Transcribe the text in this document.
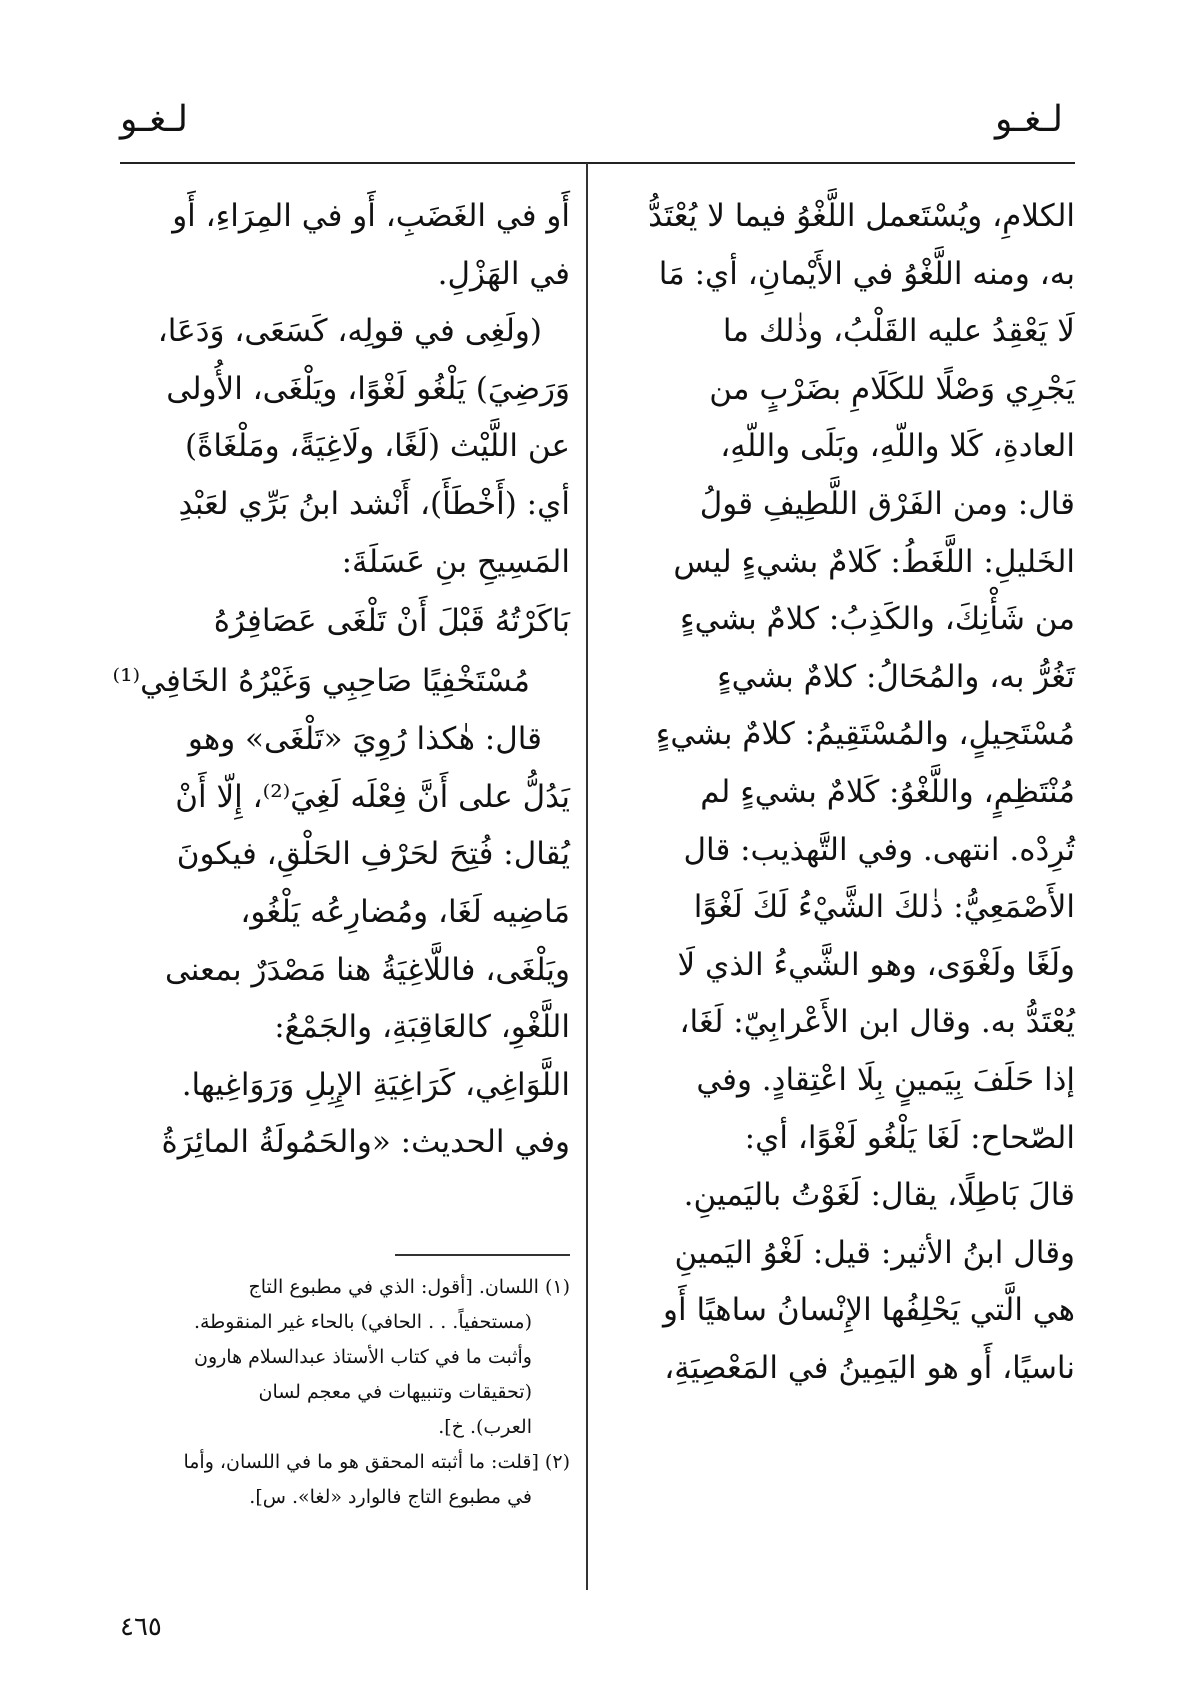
لـغـو
لـغـو
الكلامِ، ويُسْتَعمل اللَّغْوُ فيما لا يُعْتَدُّ
به، ومنه اللَّغْوُ في الأَيْمانِ، أي: مَا
لَا يَعْقِدُ عليه القَلْبُ، وذٰلك ما
يَجْرِي وَصْلًا للكَلَامِ بضَرْبٍ من
العادةِ، كَلا واللّهِ، وبَلَى واللّهِ،
قال: ومن الفَرْق اللَّطِيفِ قولُ
الخَليلِ: اللَّغَطُ: كَلامٌ بشيءٍ ليس
من شَأْنِكَ، والكَذِبُ: كلامٌ بشيءٍ
تَغُرُّ به، والمُحَالُ: كلامٌ بشيءٍ
مُسْتَحِيلٍ، والمُسْتَقِيمُ: كلامٌ بشيءٍ
مُنْتَظِمٍ، واللَّغْوُ: كَلامٌ بشيءٍ لم
تُرِدْه. انتهى. وفي التَّهذيب: قال
الأَصْمَعِيُّ: ذٰلكَ الشَّيْءُ لَكَ لَغْوًا
ولَغًا ولَغْوَى، وهو الشَّيءُ الذي لَا
يُعْتَدُّ به. وقال ابن الأَعْرابِيّ: لَغَا،
إذا حَلَفَ بِيَمينٍ بِلَا اعْتِقادٍ. وفي
الصّحاح: لَغَا يَلْغُو لَغْوًا، أي:
قالَ بَاطِلًا، يقال: لَغَوْتُ باليَمينِ.
وقال ابنُ الأثير: قيل: لَغْوُ اليَمينِ
هي الَّتي يَحْلِفُها الإِنْسانُ ساهيًا أَو
ناسيًا، أَو هو اليَمِينُ في المَعْصِيَةِ،
أَو في الغَضَبِ، أَو في المِرَاءِ، أَو
في الهَزْلِ.
(ولَغِى في قولِه، كَسَعَى، وَدَعَا،
وَرَضِيَ) يَلْغُو لَغْوًا، ويَلْغَى، الأُولى
عن اللَّيْث (لَغًا، ولَاغِيَةً، ومَلْغَاةً)
أي: (أَخْطَأَ)، أَنْشد ابنُ بَرِّي لعَبْدِ
المَسِيحِ بنِ عَسَلَةَ:
بَاكَرْتُهُ قَبْلَ أَنْ تَلْغَى عَصَافِرُهُ
مُسْتَخْفِيًا صَاحِبِي وَغَيْرُهُ الخَافِي⁽¹⁾
قال: هٰكذا رُوِيَ «تَلْغَى» وهو
يَدُلُّ على أَنَّ فِعْلَه لَغِيَ⁽²⁾، إِلّا أَنْ
يُقال: فُتِحَ لحَرْفِ الحَلْقِ، فيكونَ
مَاضِيه لَغَا، ومُضارِعُه يَلْغُو،
ويَلْغَى، فاللَّاغِيَةُ هنا مَصْدَرٌ بمعنى
اللَّغْوِ، كالعَاقِبَةِ، والجَمْعُ:
اللَّوَاغِي، كَرَاغِيَةِ الإِبِلِ وَرَوَاغِيها.
وفي الحديث: «والحَمُولَةُ المائِرَةُ
(١) اللسان. [أقول: الذي في مطبوع التاج
(مستحفياً. . . الحافي) بالحاء غير المنقوطة.
وأثبت ما في كتاب الأستاذ عبدالسلام هارون
(تحقيقات وتنبيهات في معجم لسان
العرب). خ].
(٢) [قلت: ما أثبته المحقق هو ما في اللسان، وأما
في مطبوع التاج فالوارد «لغا». س].
٤٦٥
